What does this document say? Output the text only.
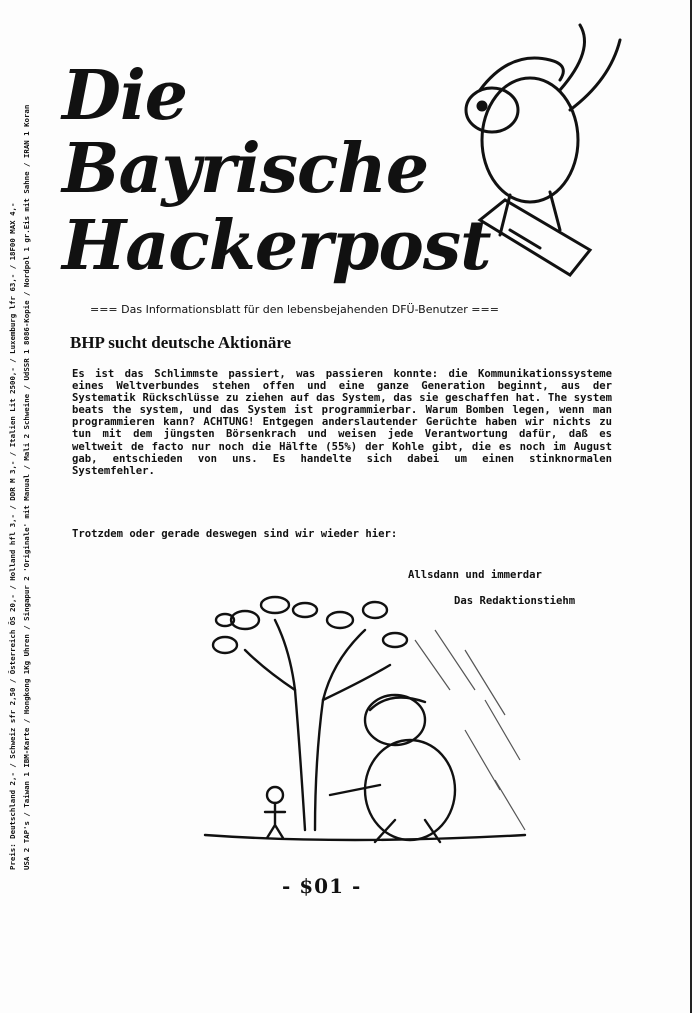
Preis: Deutschland 2,- / Schweiz sfr 2,50 / Österreich ÖS 20,- / Holland hfl 3,- / DDR M 3,- / Italien Lit 2500,- / Luxemburg lfr 63,- / 18F00 MAX 4,- USA 2 TAP's / Taiwan 1 IBM-Karte / Hongkong 1Kg Uhren / Singapur 2 'Originale' mit Manual / Mali 2 Schweine / UdSSR 1 8086-Kopie / Nordpol 1 gr.Eis mit Sahne / IRAN 1 Koran
Die
Bayrische
Hackerpost
=== Das Informationsblatt für den lebensbejahenden DFÜ-Benutzer ===
BHP sucht deutsche Aktionäre

Es ist das Schlimmste passiert, was passieren konnte: die Kommunikationssysteme eines Weltverbundes stehen offen und eine ganze Generation beginnt, aus der Systematik Rückschlüsse zu ziehen auf das System, das sie geschaffen hat. The system beats the system, und das System ist programmierbar. Warum Bomben legen, wenn man programmieren kann? ACHTUNG! Entgegen anderslautender Gerüchte haben wir nichts zu tun mit dem jüngsten Börsenkrach und weisen jede Verantwortung dafür, daß es weltweit de facto nur noch die Hälfte (55%) der Kohle gibt, die es noch im August gab, entschieden von uns. Es handelte sich dabei um einen stinknormalen Systemfehler.

Trotzdem oder gerade deswegen sind wir wieder hier:
Allsdann und immerdar
Das Redaktionstiehm
- $01 -
